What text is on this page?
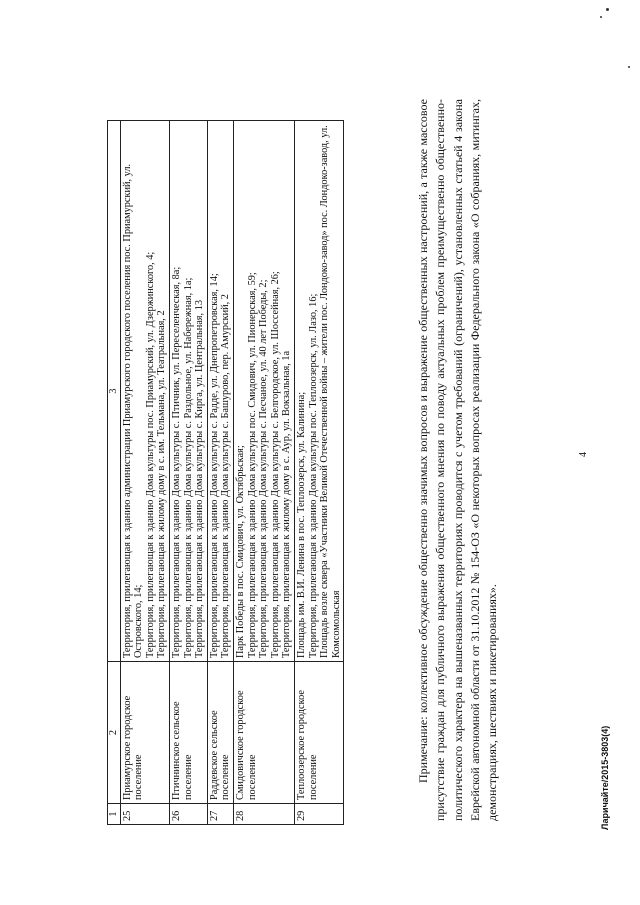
4
Ларичайте/2015-3803(4)
1	2	3
25	Приамурское городское поселение	Территория, прилегающая к зданию администрации Приамурского городского поселения пос. Приамурский, ул. Островского, 14; Территория, прилегающая к зданию Дома культуры пос. Приамурский, ул. Дзержинского, 4; Территория, прилегающая к жилому дому в с. им. Тельмана, ул. Театральная, 2

26	Птичнинское сельское поселение	Территория, прилегающая к зданию Дома культуры с. Птичник, ул. Переселенческая, 8а; Территория, прилегающая к зданию Дома культуры с. Раздольное, ул. Набережная, 1а; Территория, прилегающая к зданию Дома культуры с. Кирга, ул. Центральная, 13

27	Раддевское сельское поселение	Территория, прилегающая к зданию Дома культуры с. Радде, ул. Днепропетровская, 14; Территория, прилегающая к зданию Дома культуры с. Башурово, пер. Амурский, 2

28	Смидовичское городское поселение	Парк Победы в пос. Смидович, ул. Октябрьская; Территория, прилегающая к зданию Дома культуры пос. Смидович, ул. Пионерская, 59; Территория, прилегающая к зданию Дома культуры с. Песчаное, ул. 40 лет Победы, 2; Территория, прилегающая к зданию Дома культуры с. Белгородское, ул. Шоссейная, 26; Территория, прилегающая к жилому дому в с. Аур, ул. Вокзальная, 1а

29	Теплоозерское городское поселение	Площадь им. В.И. Ленина в пос. Теплоозерск, ул. Калинина; Территория, прилегающая к зданию Дома культуры пос. Теплоозерск, ул. Лазо, 16; Площадь возле сквера «Участники Великой Отечественной войны – жители пос. Лондоко-завод» пос. Лондоко-завод, ул. Комсомольская	Примечание: коллективное обсуждение общественно значимых вопросов и выражение общественных настроений, а также массовое присутствие граждан для публичного выражения общественного мнения по поводу актуальных проблем преимущественно общественно-политического характера на вышеназванных территориях проводится с учетом требований (ограничений), установленных статьей 4 закона Еврейской автономной области от 31.10.2012 № 154-ОЗ «О некоторых вопросах реализации Федерального закона «О собраниях, митингах, демонстрациях, шествиях и пикетированиях».
